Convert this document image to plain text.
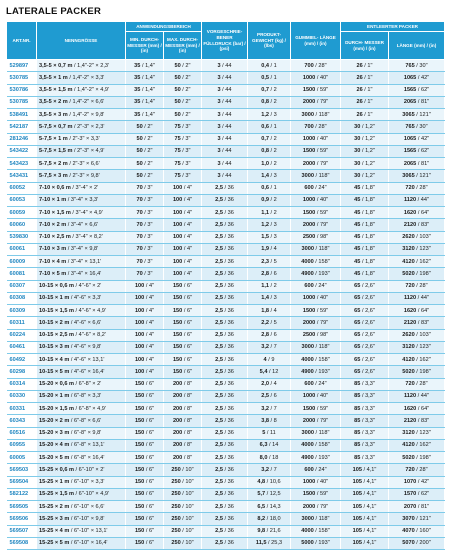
LATERALE PACKER
ART.NR.	NENNGRÖSSE	ANWENDUNGSBEREICH		VORGESCHRIE- BENER FÜLLDRUCK (bar) / (psi)	PRODUKT- GEWICHT (kg) / (lbs)	GUMMIEL- LÄNGE (mm) / (in)	ENTLEERTER PACKER	
		MIN. DURCH- MESSER (mm) / (in)	MAX. DURCH- MESSER (mm) / (in)				DURCH- MESSER (mm) / (in)	LÄNGE (mm) / (in)
529897	3,5-5 × 0,7 m / 1,4"-2" × 2,3'	35 / 1,4"	50 / 2"	3 / 44	0,4 / 1	700 / 28"	26 / 1"	765 / 30"
530785	3,5-5 × 1 m / 1,4"-2" × 3,3'	35 / 1,4"	50 / 2"	3 / 44	0,5 / 1	1000 / 40"	26 / 1"	1065 / 42"
530786	3,5-5 × 1,5 m / 1,4"-2" × 4,9'	35 / 1,4"	50 / 2"	3 / 44	0,7 / 2	1500 / 59"	26 / 1"	1565 / 62"
530785	3,5-5 × 2 m / 1,4"-2" × 6,6'	35 / 1,4"	50 / 2"	3 / 44	0,8 / 2	2000 / 79"	26 / 1"	2065 / 81"
538491	3,5-5 × 3 m / 1,4"-2" × 9,8'	35 / 1,4"	50 / 2"	3 / 44	1,2 / 3	3000 / 118"	26 / 1"	3065 / 121"
542187	5-7,5 × 0,7 m / 2"-3" × 2,3'	50 / 2"	75 / 3"	3 / 44	0,6 / 1	700 / 28"	30 / 1,2"	765 / 30"
281246	5-7,5 × 1 m / 2"-3" × 3,3'	50 / 2"	75 / 3"	3 / 44	0,7 / 2	1000 / 40"	30 / 1,2"	1065 / 42"
543422	5-7,5 × 1,5 m / 2"-3" × 4,9'	50 / 2"	75 / 3"	3 / 44	0,8 / 2	1500 / 59"	30 / 1,2"	1565 / 62"
543423	5-7,5 × 2 m / 2"-3" × 6,6'	50 / 2"	75 / 3"	3 / 44	1,0 / 2	2000 / 79"	30 / 1,2"	2065 / 81"
543431	5-7,5 × 3 m / 2"-3" × 9,8'	50 / 2"	75 / 3"	3 / 44	1,4 / 3	3000 / 118"	30 / 1,2"	3065 / 121"
60052	7-10 × 0,6 m / 3"-4" × 2'	70 / 3"	100 / 4"	2,5 / 36	0,6 / 1	600 / 24"	45 / 1,8"	720 / 28"
60053	7-10 × 1 m / 3"-4" × 3,3'	70 / 3"	100 / 4"	2,5 / 36	0,9 / 2	1000 / 40"	45 / 1,8"	1120 / 44"
60059	7-10 × 1,5 m / 3"-4" × 4,9'	70 / 3"	100 / 4"	2,5 / 36	1,1 / 2	1500 / 59"	45 / 1,8"	1620 / 64"
60060	7-10 × 2 m / 3"-4" × 6,6'	70 / 3"	100 / 4"	2,5 / 36	1,2 / 3	2000 / 79"	45 / 1,8"	2120 / 83"
539830	7-10 × 2,5 m / 3"-4" × 8,2'	70 / 3"	100 / 4"	2,5 / 36	1,5 / 3	2500 / 98"	45 / 1,8"	2620 / 103"
60061	7-10 × 3 m / 3"-4" × 9,8'	70 / 3"	100 / 4"	2,5 / 36	1,9 / 4	3000 / 118"	45 / 1,8"	3120 / 123"
60009	7-10 × 4 m / 3"-4" × 13,1'	70 / 3"	100 / 4"	2,5 / 36	2,3 / 5	4000 / 158"	45 / 1,8"	4120 / 162"
60081	7-10 × 5 m / 3"-4" × 16,4'	70 / 3"	100 / 4"	2,5 / 36	2,8 / 6	4900 / 193"	45 / 1,8"	5020 / 198"
60307	10-15 × 0,6 m / 4"-6" × 2'	100 / 4"	150 / 6"	2,5 / 36	1,1 / 2	600 / 24"	65 / 2,6"	720 / 28"
60308	10-15 × 1 m / 4"-6" × 3,3'	100 / 4"	150 / 6"	2,5 / 36	1,4 / 3	1000 / 40"	65 / 2,6"	1120 / 44"
60309	10-15 × 1,5 m / 4"-6" × 4,9'	100 / 4"	150 / 6"	2,5 / 36	1,8 / 4	1500 / 59"	65 / 2,6"	1620 / 64"
60311	10-15 × 2 m / 4"-6" × 6,6'	100 / 4"	150 / 6"	2,5 / 36	2,2 / 5	2000 / 79"	65 / 2,6"	2120 / 83"
60224	10-15 × 2,5 m / 4"-6" × 8,2'	100 / 4"	150 / 6"	2,5 / 36	2,8 / 6	2500 / 98"	65 / 2,6"	2620 / 103"
60461	10-15 × 3 m / 4"-6" × 9,8'	100 / 4"	150 / 6"	2,5 / 36	3,2 / 7	3000 / 118"	65 / 2,6"	3120 / 123"
60492	10-15 × 4 m / 4"-6" × 13,1'	100 / 4"	150 / 6"	2,5 / 36	4 / 9	4000 / 158"	65 / 2,6"	4120 / 162"
60298	10-15 × 5 m / 4"-6" × 16,4'	100 / 4"	150 / 6"	2,5 / 36	5,4 / 12	4900 / 193"	65 / 2,6"	5020 / 198"
60314	15-20 × 0,6 m / 6"-8" × 2'	150 / 6"	200 / 8"	2,5 / 36	2,0 / 4	600 / 24"	85 / 3,3"	720 / 28"
60330	15-20 × 1 m / 6"-8" × 3,3'	150 / 6"	200 / 8"	2,5 / 36	2,5 / 6	1000 / 40"	85 / 3,3"	1120 / 44"
60331	15-20 × 1,5 m / 6"-8" × 4,9'	150 / 6"	200 / 8"	2,5 / 36	3,2 / 7	1500 / 59"	85 / 3,3"	1620 / 64"
60343	15-20 × 2 m / 6"-8" × 6,6'	150 / 6"	200 / 8"	2,5 / 36	3,8 / 8	2000 / 79"	85 / 3,3"	2120 / 83"
60516	15-20 × 3 m / 6"-8" × 9,8'	150 / 6"	200 / 8"	2,5 / 36	5 / 11	3000 / 118"	85 / 3,3"	3120 / 123"
60955	15-20 × 4 m / 6"-8" × 13,1'	150 / 6"	200 / 8"	2,5 / 36	6,3 / 14	4000 / 158"	85 / 3,3"	4120 / 162"
60005	15-20 × 5 m / 6"-8" × 16,4'	150 / 6"	200 / 8"	2,5 / 36	8,0 / 18	4900 / 193"	85 / 3,3"	5020 / 198"
569503	15-25 × 0,6 m / 6"-10" × 2'	150 / 6"	250 / 10"	2,5 / 36	3,2 / 7	600 / 24"	105 / 4,1"	720 / 28"
569504	15-25 × 1 m / 6"-10" × 3,3'	150 / 6"	250 / 10"	2,5 / 36	4,8 / 10,6	1000 / 40"	105 / 4,1"	1070 / 42"
582122	15-25 × 1,5 m / 6"-10" × 4,9'	150 / 6"	250 / 10"	2,5 / 36	5,7 / 12,5	1500 / 59"	105 / 4,1"	1570 / 62"
569505	15-25 × 2 m / 6"-10" × 6,6'	150 / 6"	250 / 10"	2,5 / 36	6,5 / 14,3	2000 / 79"	105 / 4,1"	2070 / 81"
569506	15-25 × 3 m / 6"-10" × 9,8'	150 / 6"	250 / 10"	2,5 / 36	8,2 / 18,0	3000 / 118"	105 / 4,1"	3070 / 121"
569507	15-25 × 4 m / 6"-10" × 13,1'	150 / 6"	250 / 10"	2,5 / 36	9,8 / 21,6	4000 / 158"	105 / 4,1"	4070 / 160"
569508	15-25 × 5 m / 6"-10" × 16,4'	150 / 6"	250 / 10"	2,5 / 36	11,5 / 25,3	5000 / 193"	105 / 4,1"	5070 / 200"
